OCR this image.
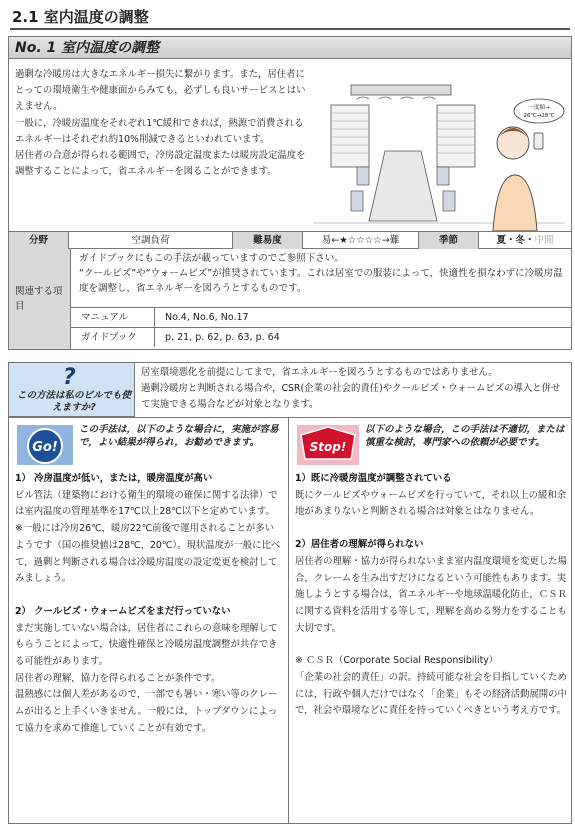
2.1 室内温度の調整
No. 1 室内温度の調整

過剰な冷暖房は大きなエネルギー損失に繋がります。また，居住者にとっての環境衛生や健康面からみても，必ずしも良いサービスとはいえません。

一般に，冷暖房温度をそれぞれ1℃緩和できれば，熱源で消費されるエネルギーはそれぞれ約10%削減できるといわれています。

居住者の合意が得られる範囲で，冷房設定温度または暖房設定温度を調整することによって，省エネルギーを図ることができます。

一度順→
26℃→28℃
分野	空調負荷	難易度	易←★☆☆☆☆→難	季節	夏・冬・中間
関連する項目
ガイドブックにもこの手法が載っていますのでご参照下さい。
“クールビズ”や“ウォームビズ”が推奨されています。これは居室での服装によって，快適性を損なわずに冷暖房温度を調整し，省エネルギーを図ろうとするものです。
マニュアル	No.4, No.6, No.17
ガイドブック	p. 21, p. 62, p. 63, p. 64
?
この方法は私のビルでも使えますか?

居室環境悪化を前提にしてまで，省エネルギーを図ろうとするものではありません。

過剰冷暖房と判断される場合や，CSR(企業の社会的責任)やクールビズ・ウォームビズの導入と併せて実施できる場合などが対象となります。

Go!
この手法は，以下のような場合に，実施が容易で，よい結果が得られ，お勧めできます。	Stop!
以下のような場合，この手法は不適切，または慎重な検討，専門家への依頼が必要です。

1） 冷房温度が低い，または，暖房温度が高い

ビル管法（建築物における衛生的環境の確保に関する法律）では室内温度の管理基準を17℃以上28℃以下と定めています。

※一般には冷房26℃，暖房22℃前後で運用されることが多いようです（国の推奨値は28℃，20℃）。現状温度が一般に比べて，過剰と判断される場合は冷暖房温度の設定変更を検討してみましょう。

2） クールビズ・ウォームビズをまだ行っていない

まだ実施していない場合は，居住者にこれらの意味を理解してもらうことによって，快適性確保と冷暖房温度調整が共存できる可能性があります。

居住者の理解，協力を得られることが条件です。

温熱感には個人差があるので，一部でも暑い・寒い等のクレームが出ると上手くいきません。一般には，トップダウンによって協力を求めて推進していくことが有効です。

1）既に冷暖房温度が調整されている

既にクールビズやウォームビズを行っていて，それ以上の緩和余地があまりないと判断される場合は対象とはなりません。

2）居住者の理解が得られない

居住者の理解・協力が得られないまま室内温度環境を変更した場合，クレームを生み出すだけになるという可能性もあります。実施しようとする場合は，省エネルギーや地球温暖化防止，ＣＳＲに関する資料を活用する等して，理解を高める努力をすることも大切です。

※ ＣＳＲ（Corporate Social Responsibility）

「企業の社会的責任」の訳。持続可能な社会を目指していくためには，行政や個人だけではなく「企業」もその経済活動展開の中で，社会や環境などに責任を持っていくべきという考え方です。
